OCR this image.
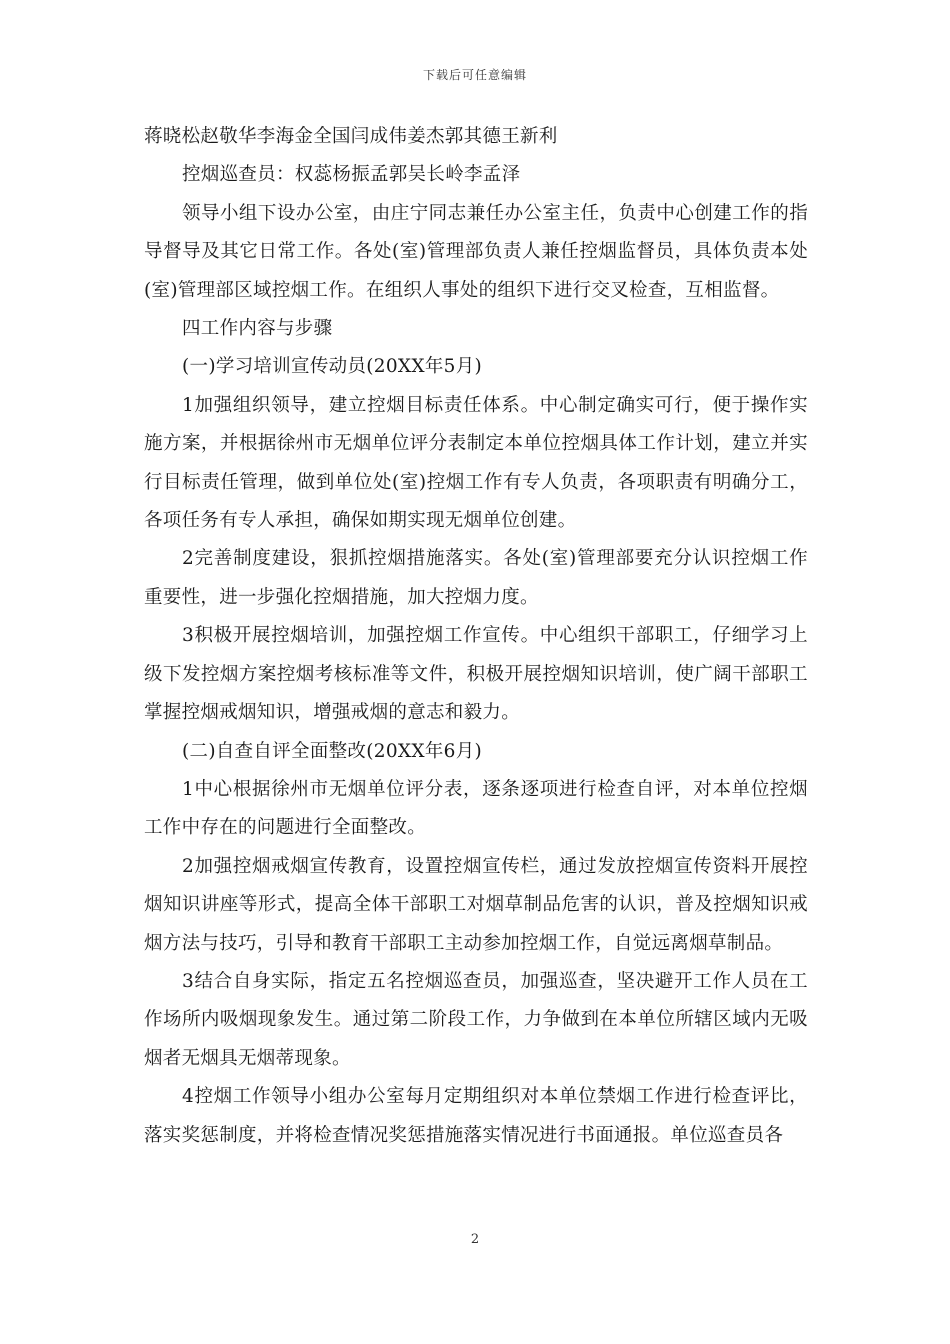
下载后可任意编辑

蒋晓松赵敬华李海金全国闫成伟姜杰郭其德王新利

控烟巡查员：权蕊杨振孟郭吴长岭李孟泽

领导小组下设办公室，由庄宁同志兼任办公室主任，负责中心创建工作的指导督导及其它日常工作。各处(室)管理部负责人兼任控烟监督员，具体负责本处(室)管理部区域控烟工作。在组织人事处的组织下进行交叉检查，互相监督。

四工作内容与步骤

(一)学习培训宣传动员(20XX年5月)

1加强组织领导，建立控烟目标责任体系。中心制定确实可行，便于操作实施方案，并根据徐州市无烟单位评分表制定本单位控烟具体工作计划，建立并实行目标责任管理，做到单位处(室)控烟工作有专人负责，各项职责有明确分工，各项任务有专人承担，确保如期实现无烟单位创建。

2完善制度建设，狠抓控烟措施落实。各处(室)管理部要充分认识控烟工作重要性，进一步强化控烟措施，加大控烟力度。

3积极开展控烟培训，加强控烟工作宣传。中心组织干部职工，仔细学习上级下发控烟方案控烟考核标准等文件，积极开展控烟知识培训，使广阔干部职工掌握控烟戒烟知识，增强戒烟的意志和毅力。

(二)自查自评全面整改(20XX年6月)

1中心根据徐州市无烟单位评分表，逐条逐项进行检查自评，对本单位控烟工作中存在的问题进行全面整改。

2加强控烟戒烟宣传教育，设置控烟宣传栏，通过发放控烟宣传资料开展控烟知识讲座等形式，提高全体干部职工对烟草制品危害的认识，普及控烟知识戒烟方法与技巧，引导和教育干部职工主动参加控烟工作，自觉远离烟草制品。

3结合自身实际，指定五名控烟巡查员，加强巡查，坚决避开工作人员在工作场所内吸烟现象发生。通过第二阶段工作，力争做到在本单位所辖区域内无吸烟者无烟具无烟蒂现象。

4控烟工作领导小组办公室每月定期组织对本单位禁烟工作进行检查评比，落实奖惩制度，并将检查情况奖惩措施落实情况进行书面通报。单位巡查员各

2
